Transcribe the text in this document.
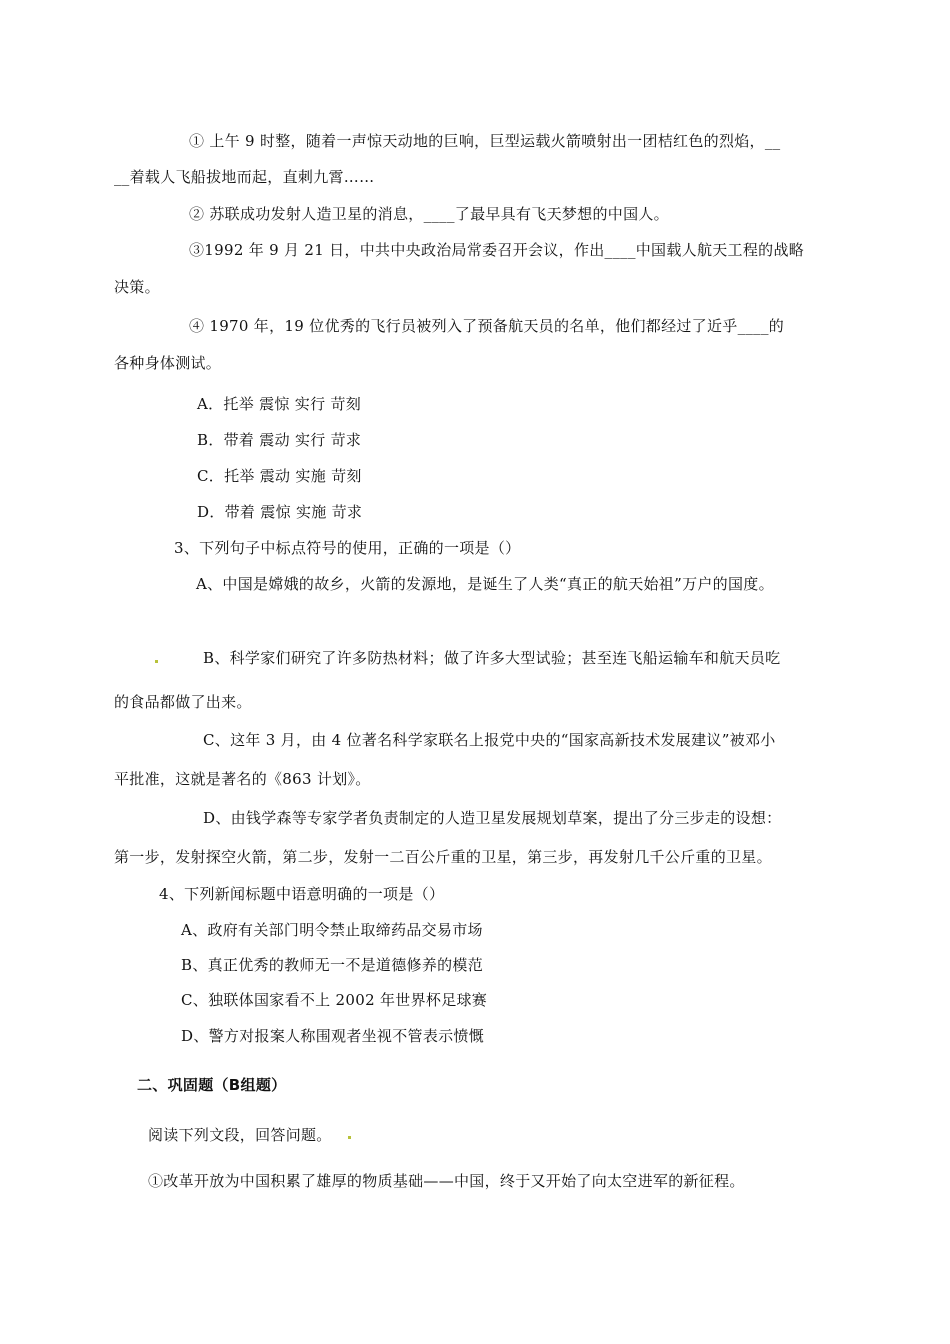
① 上午 9 时整，随着一声惊天动地的巨响，巨型运载火箭喷射出一团桔红色的烈焰，__
__着载人飞船拔地而起，直刺九霄……
② 苏联成功发射人造卫星的消息，____了最早具有飞天梦想的中国人。
③1992 年 9 月 21 日，中共中央政治局常委召开会议，作出____中国载人航天工程的战略
决策。
④ 1970 年，19 位优秀的飞行员被列入了预备航天员的名单，他们都经过了近乎____的
各种身体测试。
A．托举 震惊 实行 苛刻
B．带着 震动 实行 苛求
C．托举 震动 实施 苛刻
D．带着 震惊 实施 苛求
3、下列句子中标点符号的使用，正确的一项是（）
A、中国是嫦娥的故乡，火箭的发源地，是诞生了人类“真正的航天始祖”万户的国度。
B、科学家们研究了许多防热材料；做了许多大型试验；甚至连飞船运输车和航天员吃
的食品都做了出来。
C、这年 3 月，由 4 位著名科学家联名上报党中央的“国家高新技术发展建议”被邓小
平批准，这就是著名的《863 计划》。
D、由钱学森等专家学者负责制定的人造卫星发展规划草案，提出了分三步走的设想：
第一步，发射探空火箭，第二步，发射一二百公斤重的卫星，第三步，再发射几千公斤重的卫星。
4、下列新闻标题中语意明确的一项是（）
A、政府有关部门明令禁止取缔药品交易市场
B、真正优秀的教师无一不是道德修养的模范
C、独联体国家看不上 2002 年世界杯足球赛
D、警方对报案人称围观者坐视不管表示愤慨
二、巩固题（B组题）
阅读下列文段，回答问题。
①改革开放为中国积累了雄厚的物质基础——中国，终于又开始了向太空进军的新征程。
